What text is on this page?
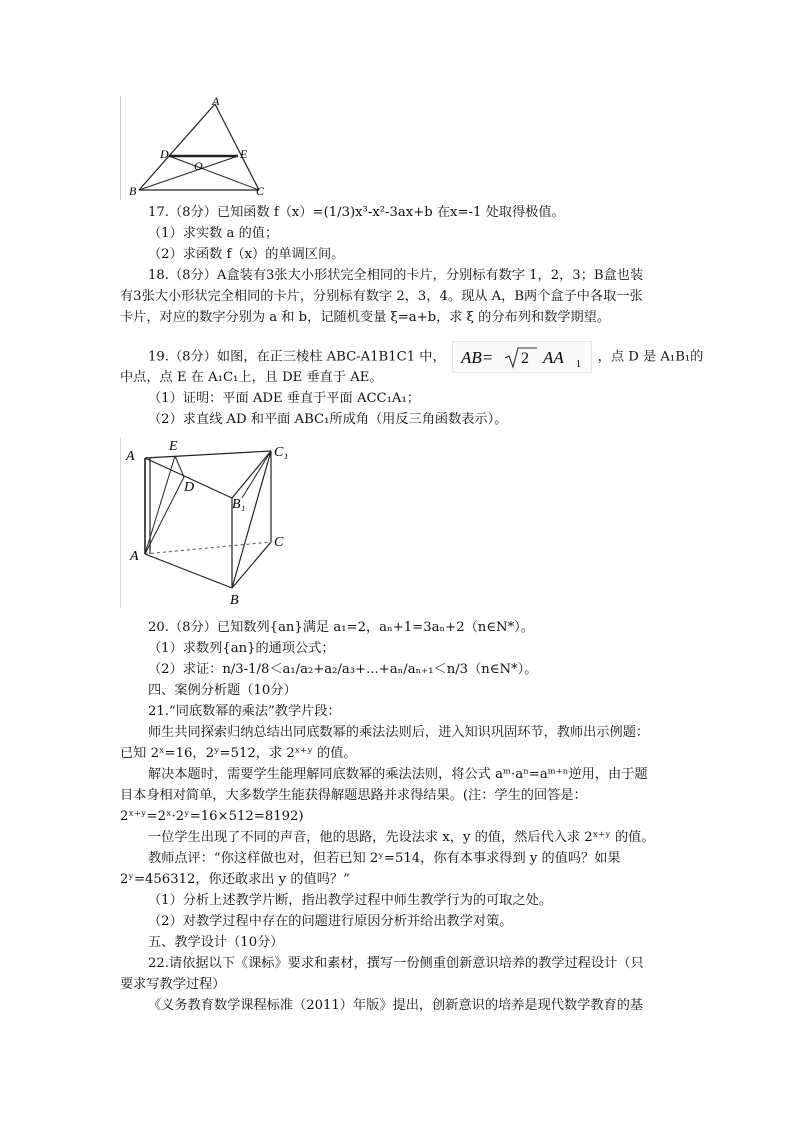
A
D	E
O
B	C
17.（8分）已知函数 f（x）=(1/3)x³-x²-3ax+b 在x=-1 处取得极值。
（1）求实数 a 的值；
（2）求函数 f（x）的单调区间。
18.（8分）A盒装有3张大小形状完全相同的卡片，分别标有数字 1，2，3；B盒也装
有3张大小形状完全相同的卡片，分别标有数字 2，3，4。现从 A，B两个盒子中各取一张
卡片，对应的数字分别为 a 和 b，记随机变量 ξ=a+b，求 ξ 的分布列和数学期望。
19.（8分）如图，在正三棱柱 ABC-A1B1C1 中， AB= 2 AA 1 ，点 D 是 A₁B₁的
中点，点 E 在 A₁C₁上，且 DE 垂直于 AE。
（1）证明：平面 ADE 垂直于平面 ACC₁A₁；
（2）求直线 AD 和平面 ABC₁所成角（用反三角函数表示）。
A
E
D
C₁
B₁
A
C
B
20.（8分）已知数列{an}满足 a₁=2，aₙ+1=3aₙ+2（n∈N*）。
（1）求数列{an}的通项公式；
（2）求证：n/3-1/8＜a₁/a₂+a₂/a₃+...+aₙ/aₙ₊₁＜n/3（n∈N*）。
四、案例分析题（10分）
21.“同底数幂的乘法”教学片段：
师生共同探索归纳总结出同底数幂的乘法法则后，进入知识巩固环节，教师出示例题：
已知 2ˣ=16，2ʸ=512，求 2ˣ⁺ʸ 的值。
解决本题时，需要学生能理解同底数幂的乘法法则，将公式 aᵐ·aⁿ=aᵐ⁺ⁿ逆用，由于题
目本身相对简单，大多数学生能获得解题思路并求得结果。(注：学生的回答是：
2ˣ⁺ʸ=2ˣ·2ʸ=16×512=8192)
一位学生出现了不同的声音，他的思路，先设法求 x，y 的值，然后代入求 2ˣ⁺ʸ 的值。
教师点评：“你这样做也对，但若已知 2ʸ=514，你有本事求得到 y 的值吗？如果
2ʸ=456312，你还敢求出 y 的值吗？”
（1）分析上述教学片断，指出教学过程中师生教学行为的可取之处。
（2）对教学过程中存在的问题进行原因分析并给出教学对策。
五、教学设计（10分）
22.请依据以下《课标》要求和素材，撰写一份侧重创新意识培养的教学过程设计（只
要求写教学过程）
《义务教育数学课程标准（2011）年版》提出，创新意识的培养是现代数学教育的基
